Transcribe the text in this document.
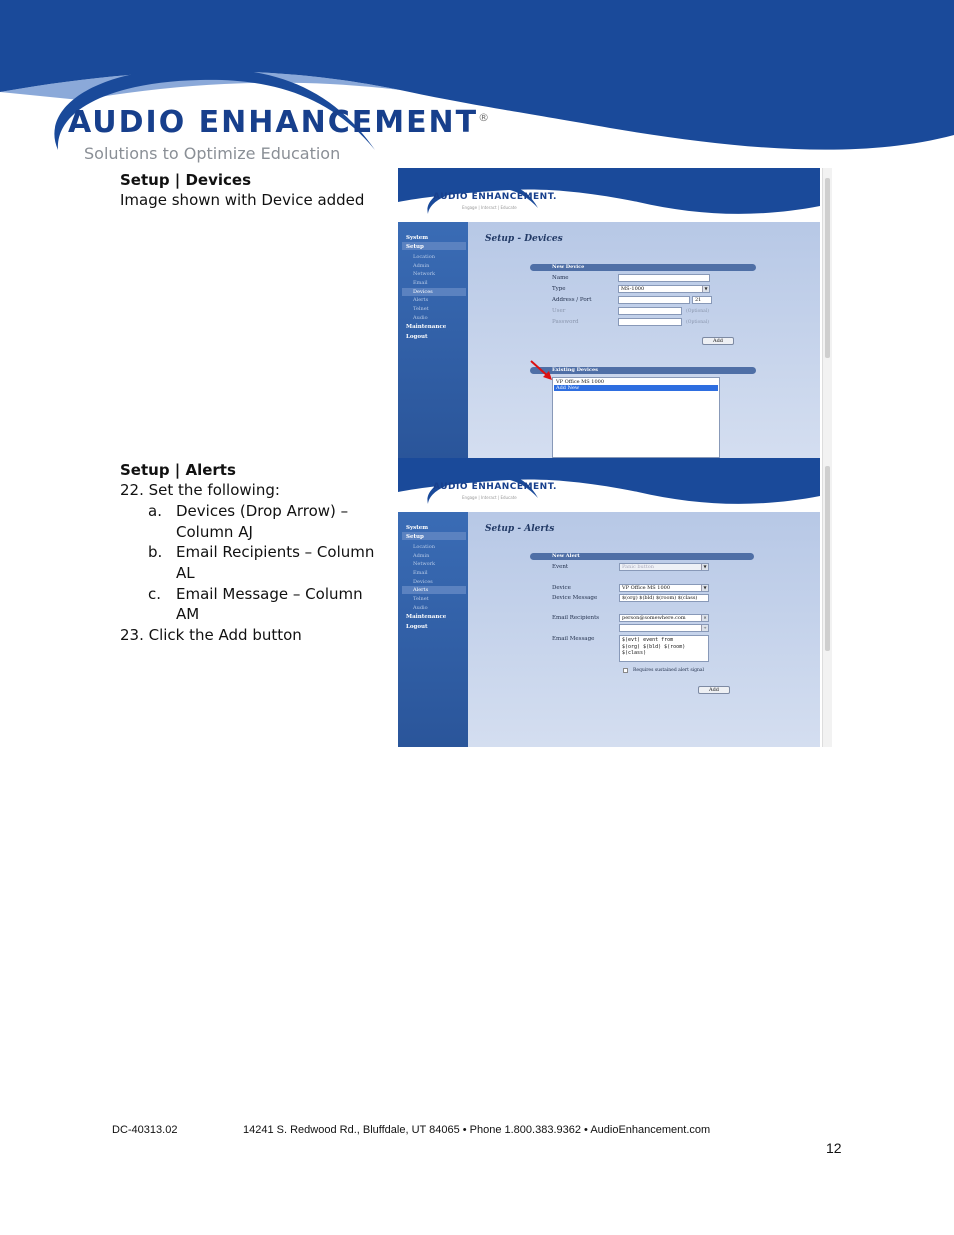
AUDIO ENHANCEMENT®
Solutions to Optimize Education
Setup | Devices
Image shown with Device added
Setup | Alerts
22. Set the following:
a. Devices (Drop Arrow) –
Column AJ
b. Email Recipients – Column
AL
c. Email Message – Column
AM
23. Click the Add button
AUDIO ENHANCEMENT.
Engage | Interact | Educate
System
Setup
Location
Admin
Network
Email
Devices
Alerts
Telnet
Audio
Maintenance
Logout
Setup - Devices
New Device
Name
Type	MS-1000	▼
Address / Port	21
User	(Optional)
Password	(Optional)
Add
Existing Devices
VP Office MS 1000
Add New
AUDIO ENHANCEMENT.
Engage | Interact | Educate
System
Setup
Location
Admin
Network
Email
Devices
Alerts
Telnet
Audio
Maintenance
Logout
Setup - Alerts
New Alert
Event	Panic button	▼
Device	VP Office MS 1000	▼
Device Message	$(org) $(bld) $(room) $(class)
Email Recipients	person@somewhere.com	✕
+
Email Message	$(evt) event from
$(org) $(bld) $(room)
$(class)
Requires sustained alert signal
Add
DC-40313.02	14241 S. Redwood Rd., Bluffdale, UT 84065 • Phone 1.800.383.9362 • AudioEnhancement.com
12
